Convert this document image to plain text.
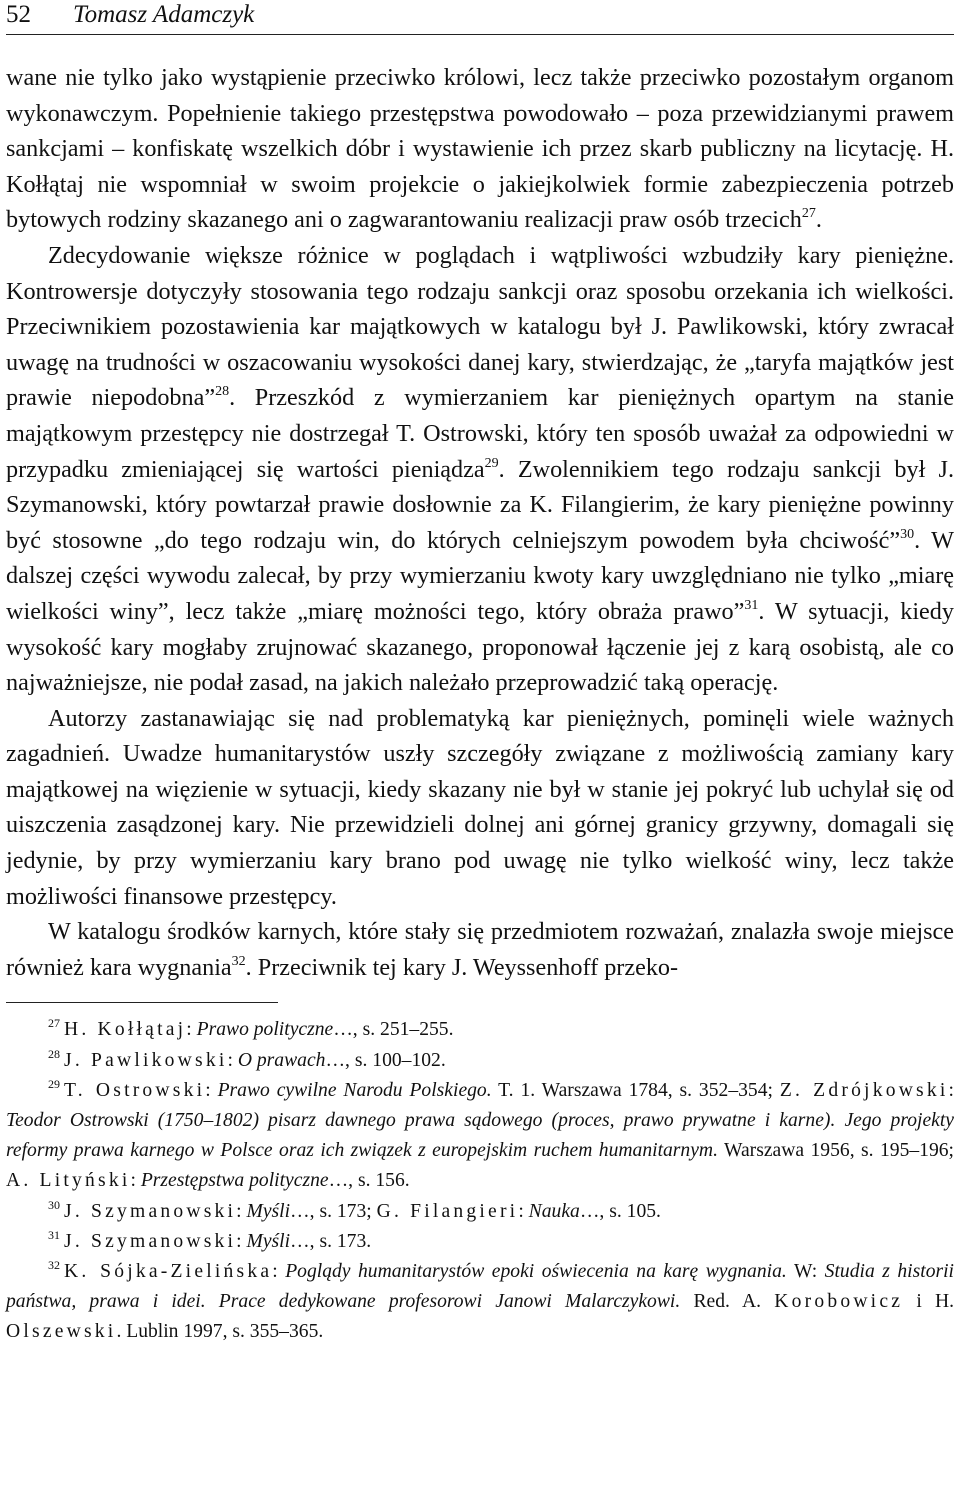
52 Tomasz Adamczyk

wane nie tylko jako wystąpienie przeciwko królowi, lecz także przeciwko pozostałym organom wykonawczym. Popełnienie takiego przestępstwa powodowało – poza przewidzianymi prawem sankcjami – konfiskatę wszelkich dóbr i wystawienie ich przez skarb publiczny na licytację. H. Kołłątaj nie wspomniał w swoim projekcie o jakiejkolwiek formie zabezpieczenia potrzeb bytowych rodziny skazanego ani o zagwarantowaniu realizacji praw osób trzecich$^{27}$.

Zdecydowanie większe różnice w poglądach i wątpliwości wzbudziły kary pieniężne. Kontrowersje dotyczyły stosowania tego rodzaju sankcji oraz sposobu orzekania ich wielkości. Przeciwnikiem pozostawienia kar majątkowych w katalogu był J. Pawlikowski, który zwracał uwagę na trudności w oszacowaniu wysokości danej kary, stwierdzając, że „taryfa majątków jest prawie niepodobna”$^{28}$. Przeszkód z wymierzaniem kar pieniężnych opartym na stanie majątkowym przestępcy nie dostrzegał T. Ostrowski, który ten sposób uważał za odpowiedni w przypadku zmieniającej się wartości pieniądza$^{29}$. Zwolennikiem tego rodzaju sankcji był J. Szymanowski, który powtarzał prawie dosłownie za K. Filangierim, że kary pieniężne powinny być stosowne „do tego rodzaju win, do których celniejszym powodem była chciwość”$^{30}$. W dalszej części wywodu zalecał, by przy wymierzaniu kwoty kary uwzględniano nie tylko „miarę wielkości winy”, lecz także „miarę możności tego, który obraża prawo”$^{31}$. W sytuacji, kiedy wysokość kary mogłaby zrujnować skazanego, proponował łączenie jej z karą osobistą, ale co najważniejsze, nie podał zasad, na jakich należało przeprowadzić taką operację.

Autorzy zastanawiając się nad problematyką kar pieniężnych, pominęli wiele ważnych zagadnień. Uwadze humanitarystów uszły szczegóły związane z możliwością zamiany kary majątkowej na więzienie w sytuacji, kiedy skazany nie był w stanie jej pokryć lub uchylał się od uiszczenia zasądzonej kary. Nie przewidzieli dolnej ani górnej granicy grzywny, domagali się jedynie, by przy wymierzaniu kary brano pod uwagę nie tylko wielkość winy, lecz także możliwości finansowe przestępcy.

W katalogu środków karnych, które stały się przedmiotem rozważań, znalazła swoje miejsce również kara wygnania$^{32}$. Przeciwnik tej kary J. Weyssenhoff przeko-

$^{27}$ H. Kołłątaj: Prawo polityczne…, s. 251–255.

$^{28}$ J. Pawlikowski: O prawach…, s. 100–102.

$^{29}$ T. Ostrowski: Prawo cywilne Narodu Polskiego. T. 1. Warszawa 1784, s. 352–354; Z. Zdrójkowski: Teodor Ostrowski (1750–1802) pisarz dawnego prawa sądowego (proces, prawo prywatne i karne). Jego projekty reformy prawa karnego w Polsce oraz ich związek z europejskim ruchem humanitarnym. Warszawa 1956, s. 195–196; A. Lityński: Przestępstwa polityczne…, s. 156.

$^{30}$ J. Szymanowski: Myśli…, s. 173; G. Filangieri: Nauka…, s. 105.

$^{31}$ J. Szymanowski: Myśli…, s. 173.

$^{32}$ K. Sójka-Zielińska: Poglądy humanitarystów epoki oświecenia na karę wygnania. W: Studia z historii państwa, prawa i idei. Prace dedykowane profesorowi Janowi Malarczykowi. Red. A. Korobowicz i H. Olszewski. Lublin 1997, s. 355–365.
